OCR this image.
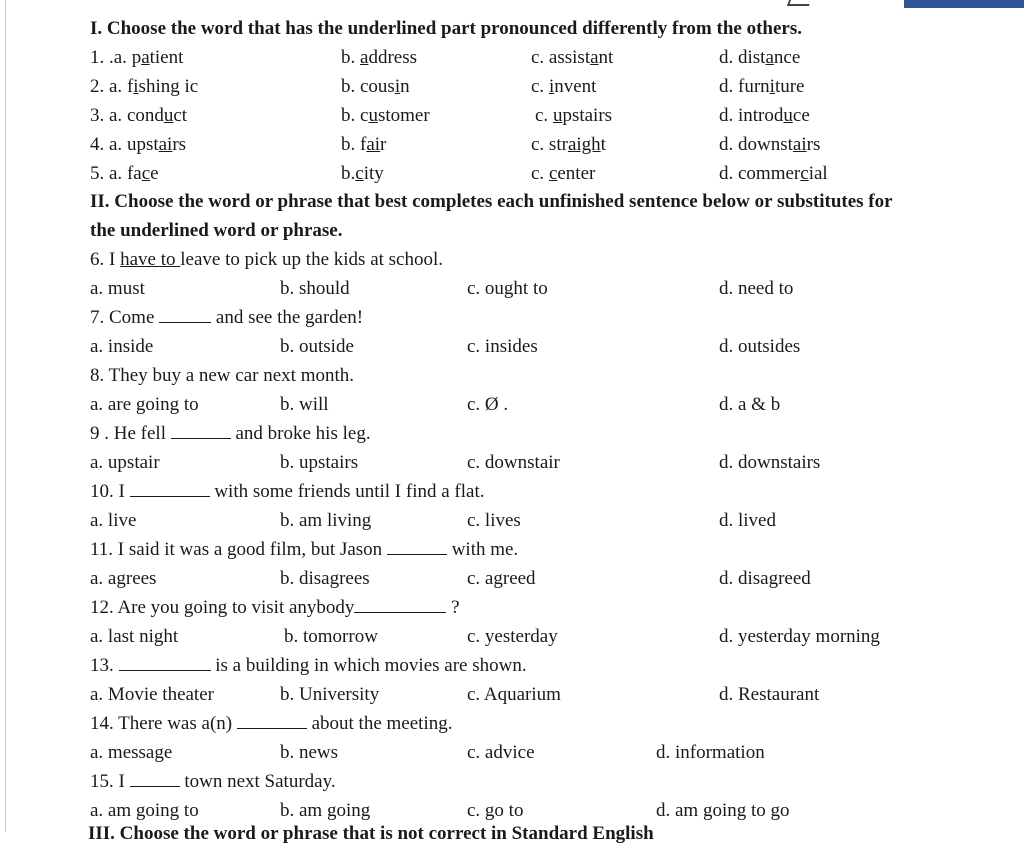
I. Choose the word that has the underlined part pronounced differently from the others.
1. .a. patient	b. address	c. assistant	d. distance
2. a. fishing ic	b. cousin	c. invent	d. furniture
3. a. conduct	b. customer	c. upstairs	d. introduce
4. a. upstairs	b. fair	c. straight	d. downstairs
5. a. face	b.city	c. center	d. commercial
II. Choose the word or phrase that best completes each unfinished sentence below or substitutes for
the underlined word or phrase.
6. I have to leave to pick up the kids at school.
a. must	b. should	c. ought to	d. need to
7. Come	and see the garden!
a. inside	b. outside	c. insides	d. outsides
8. They buy a new car next month.
a. are going to	b. will	c. Ø .	d. a & b
9 . He fell	and broke his leg.
a. upstair	b. upstairs	c. downstair	d. downstairs
10. I	with some friends until I find a flat.
a. live	b. am living	c. lives	d. lived
11. I said it was a good film, but Jason	with me.
a. agrees	b. disagrees	c. agreed	d. disagreed
12. Are you going to visit anybody	?
a. last night	b. tomorrow	c. yesterday	d. yesterday morning
13.	is a building in which movies are shown.
a. Movie theater	b. University	c. Aquarium	d. Restaurant
14. There was a(n)	about the meeting.
a. message	b. news	c. advice	d. information
15. I	town next Saturday.
a. am going to	b. am going	c. go to	d. am going to go
III. Choose the word or phrase that is not correct in Standard English
